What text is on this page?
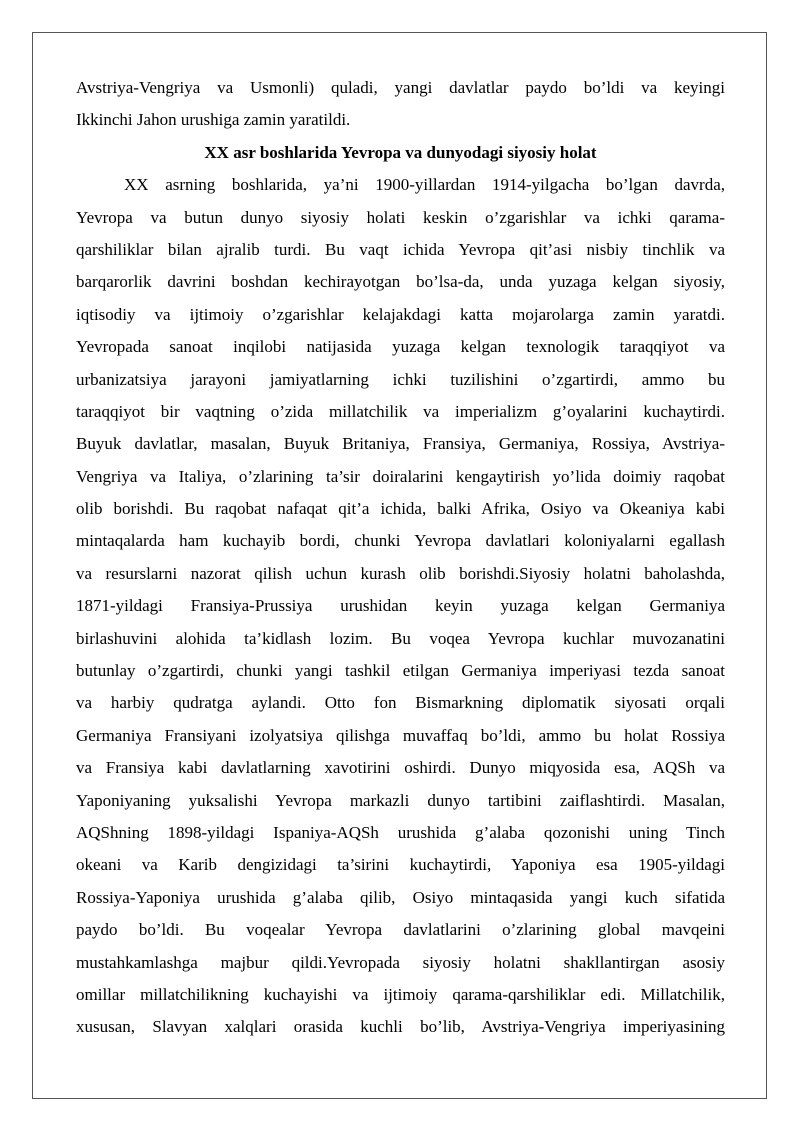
Avstriya-Vengriya va Usmonli) quladi, yangi davlatlar paydo bo’ldi va keyingi
Ikkinchi Jahon urushiga zamin yaratildi.
XX asr boshlarida Yevropa va dunyodagi siyosiy holat
XX asrning boshlarida, ya’ni 1900-yillardan 1914-yilgacha bo’lgan davrda,
Yevropa va butun dunyo siyosiy holati keskin o’zgarishlar va ichki qarama-
qarshiliklar bilan ajralib turdi. Bu vaqt ichida Yevropa qit’asi nisbiy tinchlik va
barqarorlik davrini boshdan kechirayotgan bo’lsa-da, unda yuzaga kelgan siyosiy,
iqtisodiy va ijtimoiy o’zgarishlar kelajakdagi katta mojarolarga zamin yaratdi.
Yevropada sanoat inqilobi natijasida yuzaga kelgan texnologik taraqqiyot va
urbanizatsiya jarayoni jamiyatlarning ichki tuzilishini o’zgartirdi, ammo bu
taraqqiyot bir vaqtning o’zida millatchilik va imperializm g’oyalarini kuchaytirdi.
Buyuk davlatlar, masalan, Buyuk Britaniya, Fransiya, Germaniya, Rossiya, Avstriya-
Vengriya va Italiya, o’zlarining ta’sir doiralarini kengaytirish yo’lida doimiy raqobat
olib borishdi. Bu raqobat nafaqat qit’a ichida, balki Afrika, Osiyo va Okeaniya kabi
mintaqalarda ham kuchayib bordi, chunki Yevropa davlatlari koloniyalarni egallash
va resurslarni nazorat qilish uchun kurash olib borishdi.Siyosiy holatni baholashda,
1871-yildagi Fransiya-Prussiya urushidan keyin yuzaga kelgan Germaniya
birlashuvini alohida ta’kidlash lozim. Bu voqea Yevropa kuchlar muvozanatini
butunlay o’zgartirdi, chunki yangi tashkil etilgan Germaniya imperiyasi tezda sanoat
va harbiy qudratga aylandi. Otto fon Bismarkning diplomatik siyosati orqali
Germaniya Fransiyani izolyatsiya qilishga muvaffaq bo’ldi, ammo bu holat Rossiya
va Fransiya kabi davlatlarning xavotirini oshirdi. Dunyo miqyosida esa, AQSh va
Yaponiyaning yuksalishi Yevropa markazli dunyo tartibini zaiflashtirdi. Masalan,
AQShning 1898-yildagi Ispaniya-AQSh urushida g’alaba qozonishi uning Tinch
okeani va Karib dengizidagi ta’sirini kuchaytirdi, Yaponiya esa 1905-yildagi
Rossiya-Yaponiya urushida g’alaba qilib, Osiyo mintaqasida yangi kuch sifatida
paydo bo’ldi. Bu voqealar Yevropa davlatlarini o’zlarining global mavqeini
mustahkamlashga majbur qildi.Yevropada siyosiy holatni shakllantirgan asosiy
omillar millatchilikning kuchayishi va ijtimoiy qarama-qarshiliklar edi. Millatchilik,
xususan, Slavyan xalqlari orasida kuchli bo’lib, Avstriya-Vengriya imperiyasining
